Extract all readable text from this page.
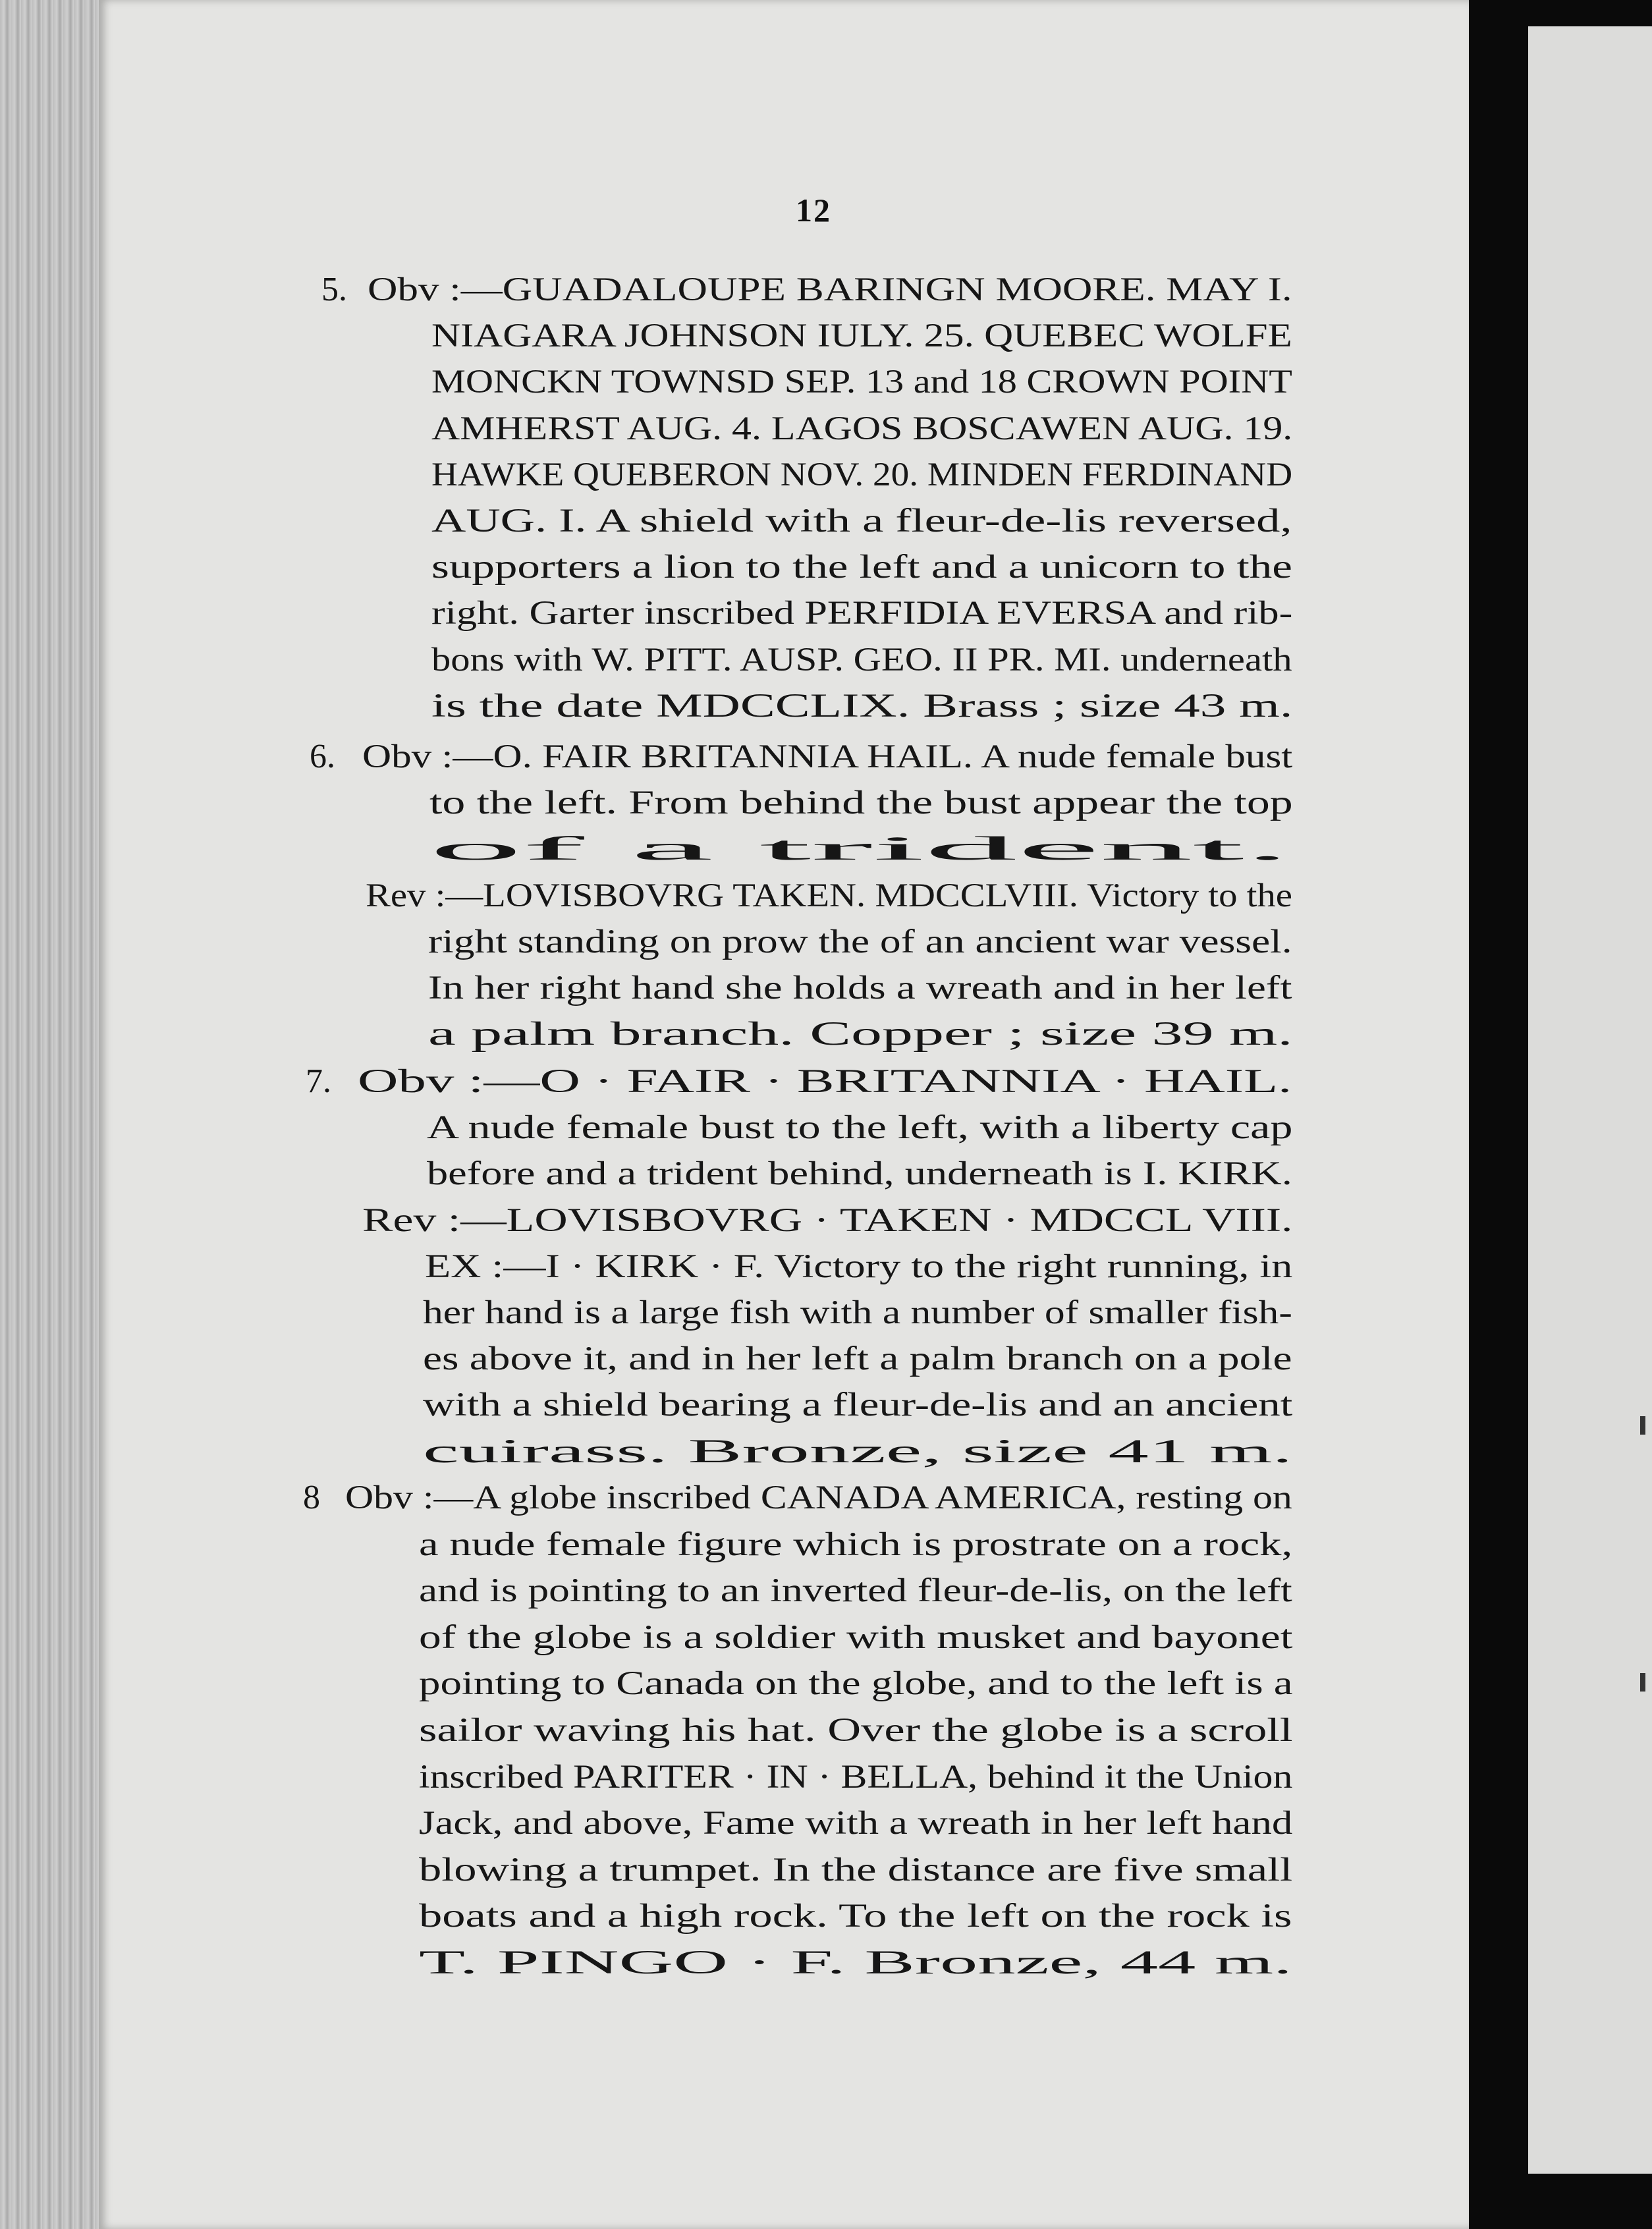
12
5. Obv :—GUADALOUPE BARINGN MOORE. MAY I.
NIAGARA JOHNSON IULY. 25. QUEBEC WOLFE
MONCKN TOWNSD SEP. 13 and 18 CROWN POINT
AMHERST AUG. 4. LAGOS BOSCAWEN AUG. 19.
HAWKE QUEBERON NOV. 20. MINDEN FERDINAND
AUG. I. A shield with a fleur-de-lis reversed,
supporters a lion to the left and a unicorn to the
right. Garter inscribed PERFIDIA EVERSA and rib-
bons with W. PITT. AUSP. GEO. II PR. MI. underneath
is the date MDCCLIX. Brass ; size 43 m.
6. Obv :—O. FAIR BRITANNIA HAIL. A nude female bust
to the left. From behind the bust appear the top
of a trident.
Rev :—LOVISBOVRG TAKEN. MDCCLVIII. Victory to the
right standing on prow the of an ancient war vessel.
In her right hand she holds a wreath and in her left
a palm branch. Copper ; size 39 m.
7. Obv :—O · FAIR · BRITANNIA · HAIL.
A nude female bust to the left, with a liberty cap
before and a trident behind, underneath is I. KIRK.
Rev :—LOVISBOVRG · TAKEN · MDCCL VIII.
EX :—I · KIRK · F. Victory to the right running, in
her hand is a large fish with a number of smaller fish-
es above it, and in her left a palm branch on a pole
with a shield bearing a fleur-de-lis and an ancient
cuirass. Bronze, size 41 m.
8 Obv :—A globe inscribed CANADA AMERICA, resting on
a nude female figure which is prostrate on a rock,
and is pointing to an inverted fleur-de-lis, on the left
of the globe is a soldier with musket and bayonet
pointing to Canada on the globe, and to the left is a
sailor waving his hat. Over the globe is a scroll
inscribed PARITER · IN · BELLA, behind it the Union
Jack, and above, Fame with a wreath in her left hand
blowing a trumpet. In the distance are five small
boats and a high rock. To the left on the rock is
T. PINGO · F. Bronze, 44 m.
